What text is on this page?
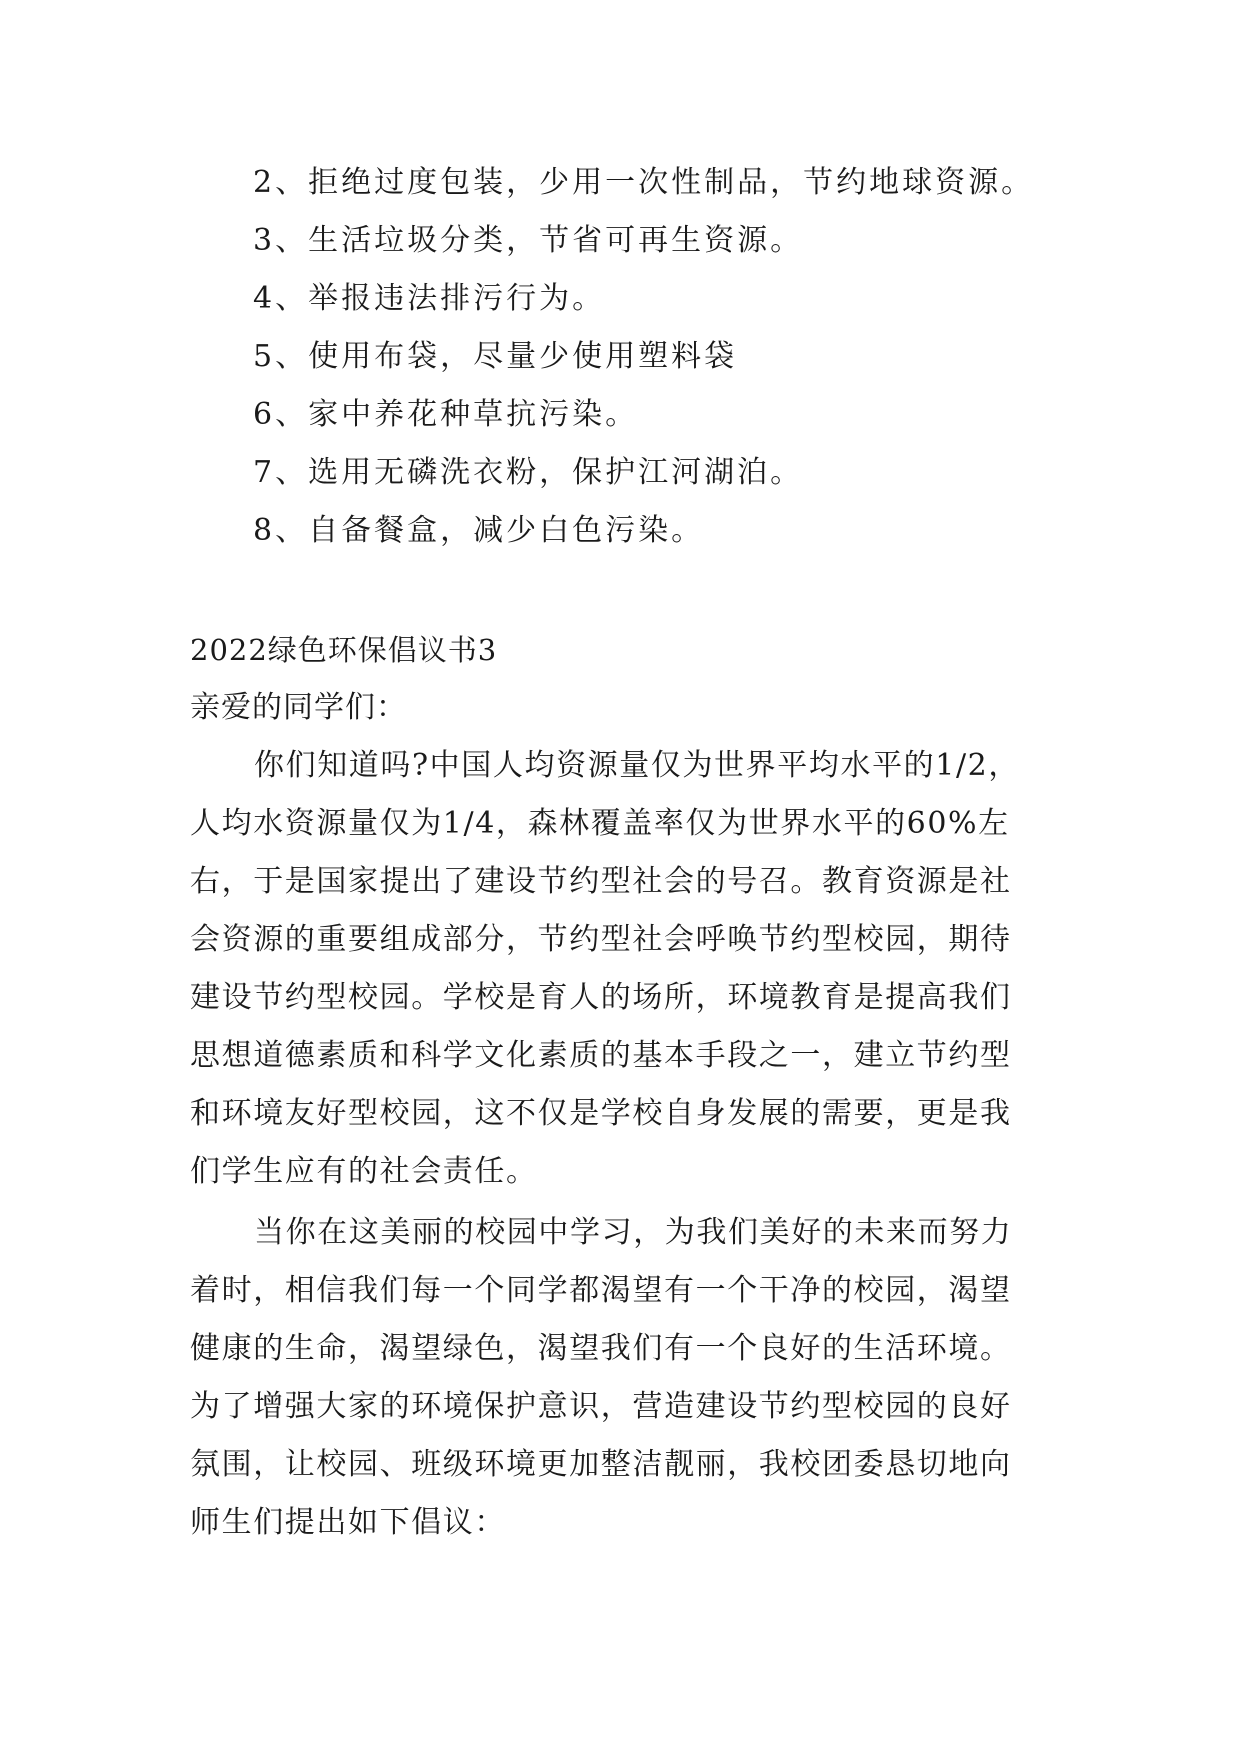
2、拒绝过度包装，少用一次性制品，节约地球资源。
3、生活垃圾分类，节省可再生资源。
4、举报违法排污行为。
5、使用布袋，尽量少使用塑料袋
6、家中养花种草抗污染。
7、选用无磷洗衣粉，保护江河湖泊。
8、自备餐盒，减少白色污染。

2022绿色环保倡议书3

亲爱的同学们：

你们知道吗?中国人均资源量仅为世界平均水平的1/2，
人均水资源量仅为1/4，森林覆盖率仅为世界水平的60%左
右，于是国家提出了建设节约型社会的号召。教育资源是社
会资源的重要组成部分，节约型社会呼唤节约型校园，期待
建设节约型校园。学校是育人的场所，环境教育是提高我们
思想道德素质和科学文化素质的基本手段之一，建立节约型
和环境友好型校园，这不仅是学校自身发展的需要，更是我
们学生应有的社会责任。

当你在这美丽的校园中学习，为我们美好的未来而努力
着时，相信我们每一个同学都渴望有一个干净的校园，渴望
健康的生命，渴望绿色，渴望我们有一个良好的生活环境。
为了增强大家的环境保护意识，营造建设节约型校园的良好
氛围，让校园、班级环境更加整洁靓丽，我校团委恳切地向
师生们提出如下倡议：
